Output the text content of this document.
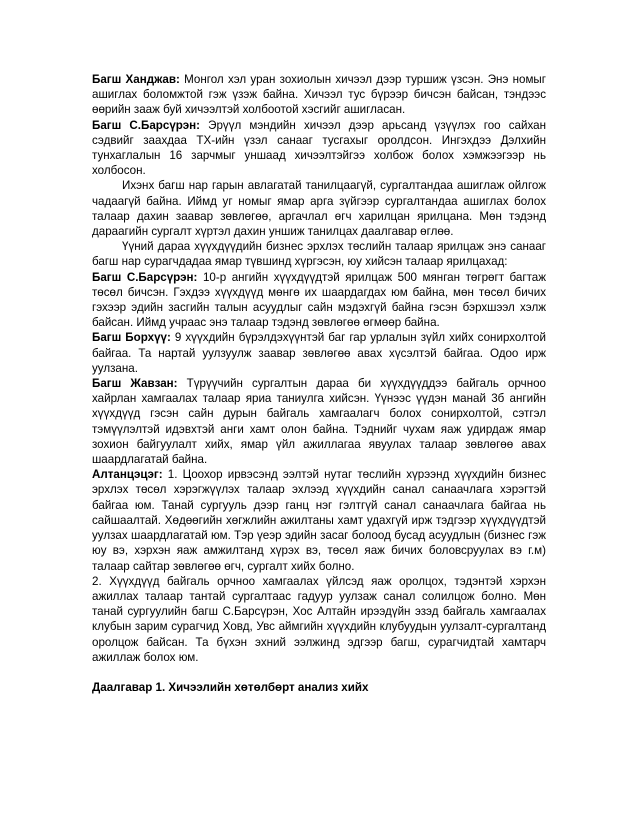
Багш Ханджав: Монгол хэл уран зохиолын хичээл дээр туршиж үзсэн. Энэ номыг ашиглах боломжтой гэж үзэж байна. Хичээл тус бүрээр бичсэн байсан, тэндээс өөрийн зааж буй хичээлтэй холбоотой хэсгийг ашигласан.

Багш С.Барсүрэн: Эрүүл мэндийн хичээл дээр арьсанд үзүүлэх гоо сайхан сэдвийг заахдаа ТХ-ийн үзэл санааг тусгахыг оролдсон. Ингэхдээ Дэлхийн тунхаглалын 16 зарчмыг уншаад хичээлтэйгээ холбож болох хэмжээгээр нь холбосон.

Ихэнх багш нар гарын авлагатай танилцаагүй, сургалтандаа ашиглаж ойлгож чадаагүй байна. Иймд уг номыг ямар арга зүйгээр сургалтандаа ашиглах болох талаар дахин заавар зөвлөгөө, аргачлал өгч харилцан ярилцана. Мөн тэдэнд дараагийн сургалт хүртэл дахин уншиж танилцах даалгавар өглөө.

Үүний дараа хүүхдүүдийн бизнес эрхлэх төслийн талаар ярилцаж энэ санааг багш нар сурагчдадаа ямар түвшинд хүргэсэн, юу хийсэн талаар ярилцахад:

Багш С.Барсүрэн: 10-р ангийн хүүхдүүдтэй ярилцаж 500 мянган төгрөгт багтаж төсөл бичсэн. Гэхдээ хүүхдүүд мөнгө их шаардагдах юм байна, мөн төсөл бичих гэхээр эдийн засгийн талын асуудлыг сайн мэдэхгүй байна гэсэн бэрхшээл хэлж байсан. Иймд учраас энэ талаар тэдэнд зөвлөгөө өгмөөр байна.

Багш Борхүү: 9 хүүхдийн бүрэлдэхүүнтэй баг гар урлалын зүйл хийх сонирхолтой байгаа. Та нартай уулзуулж заавар зөвлөгөө авах хүсэлтэй байгаа. Одоо ирж уулзана.

Багш Жавзан: Түрүүчийн сургалтын дараа би хүүхдүүддээ байгаль орчноо хайрлан хамгаалах талаар яриа таниулга хийсэн. Үүнээс үүдэн манай 3б ангийн хүүхдүүд гэсэн сайн дурын байгаль хамгаалагч болох сонирхолтой, сэтгэл тэмүүлэлтэй идэвхтэй анги хамт олон байна. Тэднийг чухам яаж удирдаж ямар зохион байгуулалт хийх, ямар үйл ажиллагаа явуулах талаар зөвлөгөө авах шаардлагатай байна.

Алтанцэцэг: 1. Цоохор ирвэсэнд ээлтэй нутаг төслийн хүрээнд хүүхдийн бизнес эрхлэх төсөл хэрэгжүүлэх талаар эхлээд хүүхдийн санал санаачлага хэрэгтэй байгаа юм. Танай сургууль дээр ганц нэг гэлтгүй санал санаачлага байгаа нь сайшаалтай. Хөдөөгийн хөгжлийн ажилтаны хамт удахгүй ирж тэдгээр хүүхдүүдтэй уулзах шаардлагатай юм. Тэр үеэр эдийн засаг болоод бусад асуудлын (бизнес гэж юу вэ, хэрхэн яаж амжилтанд хүрэх вэ, төсөл яаж бичих боловсруулах вэ г.м) талаар сайтар зөвлөгөө өгч, сургалт хийх болно.

2. Хүүхдүүд байгаль орчноо хамгаалах үйлсэд яаж оролцох, тэдэнтэй хэрхэн ажиллах талаар тантай сургалтаас гадуур уулзаж санал солилцож болно. Мөн танай сургуулийн багш С.Барсүрэн, Хос Алтайн ирээдүйн эзэд байгаль хамгаалах клубын зарим сурагчид Ховд, Увс аймгийн хүүхдийн клубуудын уулзалт-сургалтанд оролцож байсан. Та бүхэн эхний ээлжинд эдгээр багш, сурагчидтай хамтарч ажиллаж болох юм.

Даалгавар 1. Хичээлийн хөтөлбөрт анализ хийх
